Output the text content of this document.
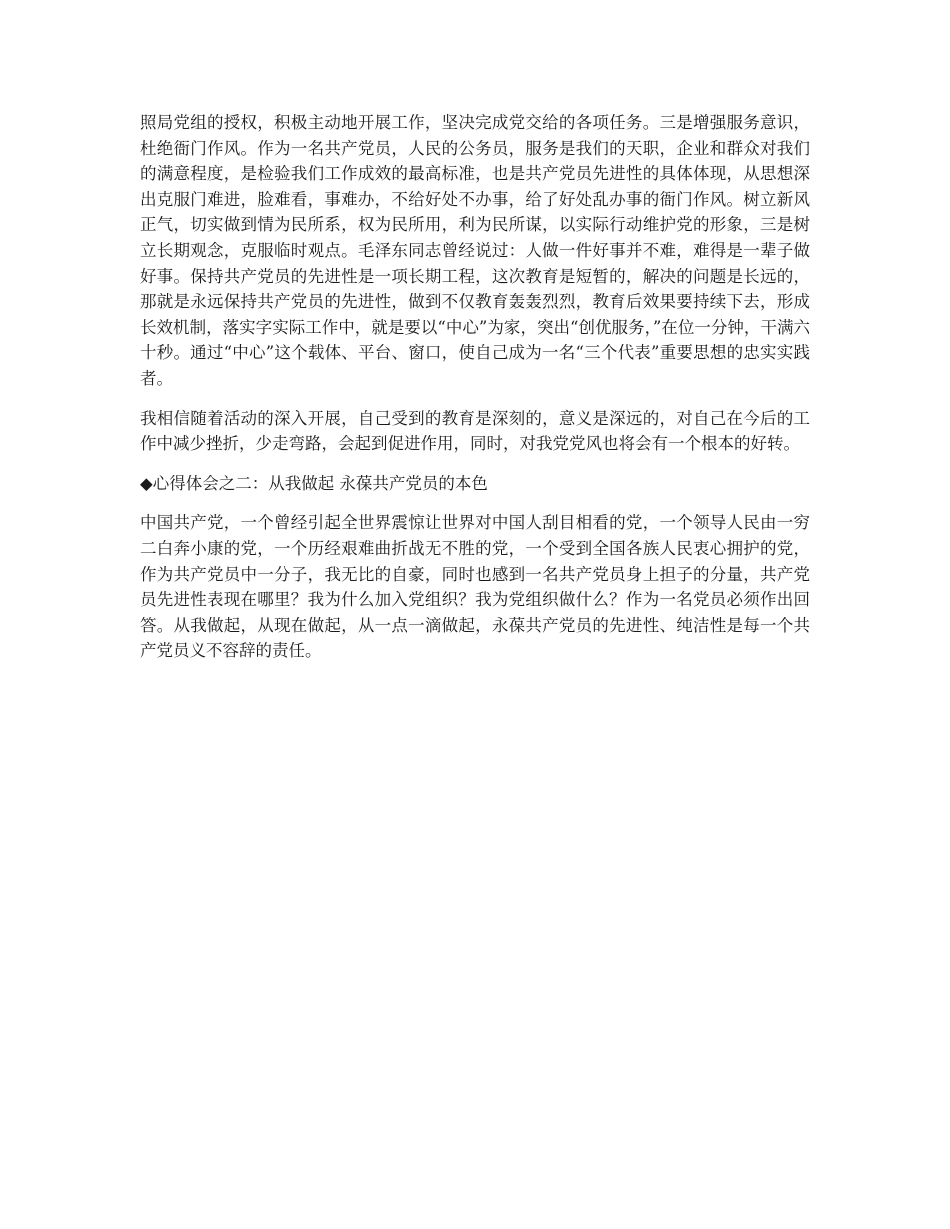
照局党组的授权，积极主动地开展工作，坚决完成党交给的各项任务。三是增强服务意识，杜绝衙门作风。作为一名共产党员，人民的公务员，服务是我们的天职，企业和群众对我们的满意程度，是检验我们工作成效的最高标准，也是共产党员先进性的具体体现，从思想深出克服门难进，脸难看，事难办，不给好处不办事，给了好处乱办事的衙门作风。树立新风正气，切实做到情为民所系，权为民所用，利为民所谋，以实际行动维护党的形象，三是树立长期观念，克服临时观点。毛泽东同志曾经说过：人做一件好事并不难，难得是一辈子做好事。保持共产党员的先进性是一项长期工程，这次教育是短暂的，解决的问题是长远的，那就是永远保持共产党员的先进性，做到不仅教育轰轰烈烈，教育后效果要持续下去，形成长效机制，落实字实际工作中，就是要以“中心”为家，突出“创优服务，”在位一分钟，干满六十秒。通过“中心”这个载体、平台、窗口，使自己成为一名“三个代表”重要思想的忠实实践者。

我相信随着活动的深入开展，自己受到的教育是深刻的，意义是深远的，对自己在今后的工作中减少挫折，少走弯路，会起到促进作用，同时，对我党党风也将会有一个根本的好转。

◆心得体会之二：从我做起 永葆共产党员的本色

中国共产党，一个曾经引起全世界震惊让世界对中国人刮目相看的党，一个领导人民由一穷二白奔小康的党，一个历经艰难曲折战无不胜的党，一个受到全国各族人民衷心拥护的党，作为共产党员中一分子，我无比的自豪，同时也感到一名共产党员身上担子的分量，共产党员先进性表现在哪里？我为什么加入党组织？我为党组织做什么？作为一名党员必须作出回答。从我做起，从现在做起，从一点一滴做起，永葆共产党员的先进性、纯洁性是每一个共产党员义不容辞的责任。
